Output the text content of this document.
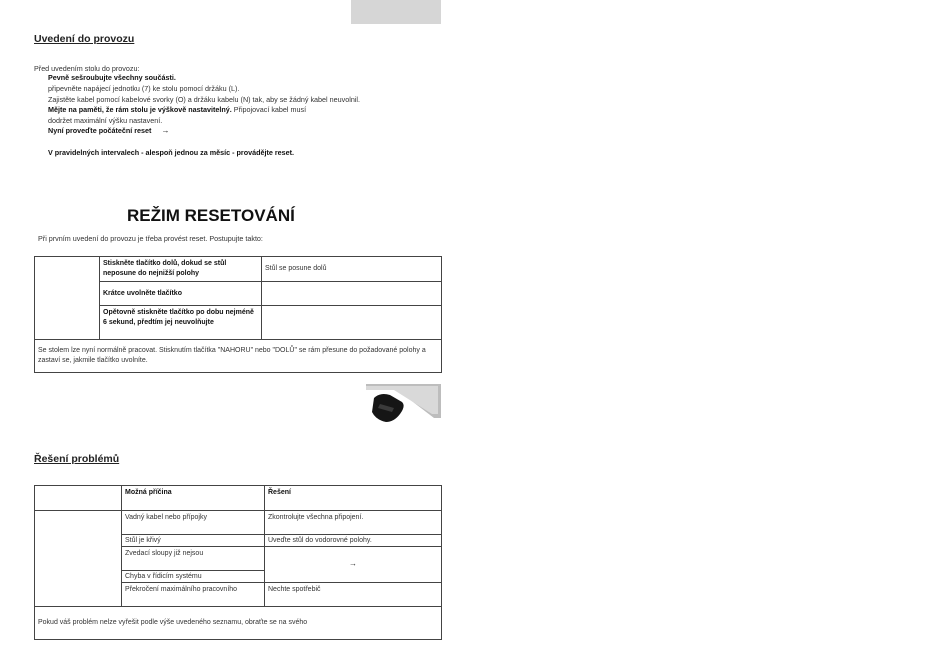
Uvedení do provozu
Před uvedením stolu do provozu:
Pevně sešroubujte všechny součásti.
připevněte napájecí jednotku (7) ke stolu pomocí držáku (L).
Zajistěte kabel pomocí kabelové svorky (O) a držáku kabelu (N) tak, aby se žádný kabel neuvolnil.
Mějte na paměti, že rám stolu je výškově nastavitelný. Připojovací kabel musí
dodržet maximální výšku nastavení.
Nyní proveďte počáteční reset →
V pravidelných intervalech - alespoň jednou za měsíc - provádějte reset.
REŽIM RESETOVÁNÍ
Při prvním uvedení do provozu je třeba provést reset. Postupujte takto:
	Stiskněte tlačítko dolů, dokud se stůl neposune do nejnižší polohy	Stůl se posune dolů
	Krátce uvolněte tlačítko	
	Opětovně stiskněte tlačítko po dobu nejméně 6 sekund, předtím jej neuvolňujte	
Se stolem lze nyní normálně pracovat. Stisknutím tlačítka "NAHORU" nebo "DOLŮ" se rám přesune do požadované polohy a zastaví se, jakmile tlačítko uvolníte.		
Řešení problémů
	Možná příčina	Řešení
	Vadný kabel nebo přípojky	Zkontrolujte všechna připojení.
	Stůl je křivý	Uveďte stůl do vodorovné polohy.
	Zvedací sloupy již nejsou	→
	Chyba v řídicím systému	
	Překročení maximálního pracovního	Nechte spotřebič
Pokud váš problém nelze vyřešit podle výše uvedeného seznamu, obraťte se na svého		
